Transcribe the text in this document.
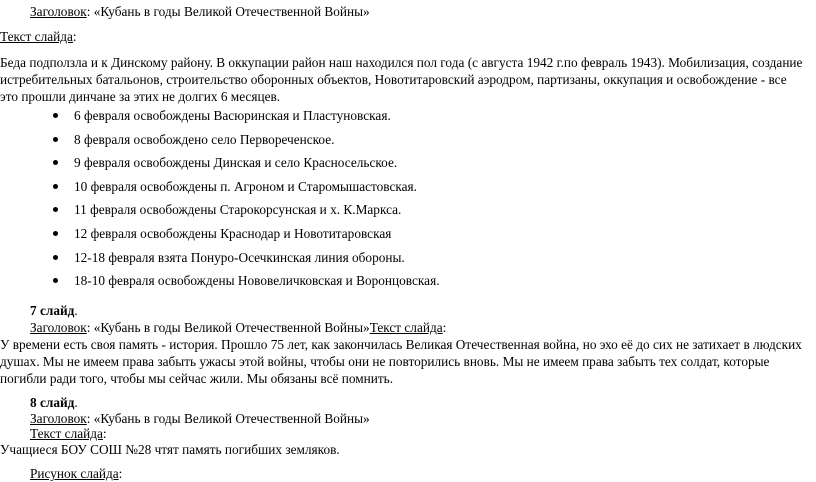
Заголовок: «Кубань в годы Великой Отечественной Войны»
Текст слайда:
Беда подползла и к Динскому району. В оккупации район наш находился пол года (с августа 1942 г.по февраль 1943). Мобилизация, создание истребительных батальонов, строительство оборонных объектов, Новотитаровский аэродром, партизаны, оккупация и освобождение - все это прошли динчане за этих не долгих 6 месяцев.
6 февраля освобождены Васюринская и Пластуновская.
8 февраля освобождено село Первореченское.
9 февраля освобождены Динская и село Красносельское.
10 февраля освобождены п. Агроном и Старомышастовская.
11 февраля освобождены Старокорсунская и х. К.Маркса.
12 февраля освобождены Краснодар и Новотитаровская
12-18 февраля взята Понуро-Осечкинская линия обороны.
18-10 февраля освобождены Нововеличковская и Воронцовская.
7 слайд.
Заголовок: «Кубань в годы Великой Отечественной Войны»Текст слайда:
У времени есть своя память - история. Прошло 75 лет, как закончилась Великая Отечественная война, но эхо её до сих не затихает в людских душах. Мы не имеем права забыть ужасы этой войны, чтобы они не повторились вновь. Мы не имеем права забыть тех солдат, которые погибли ради того, чтобы мы сейчас жили. Мы обязаны всё помнить.
8 слайд.
Заголовок: «Кубань в годы Великой Отечественной Войны»
Текст слайда:
Учащиеся БОУ СОШ №28 чтят память погибших земляков.
Рисунок слайда:
